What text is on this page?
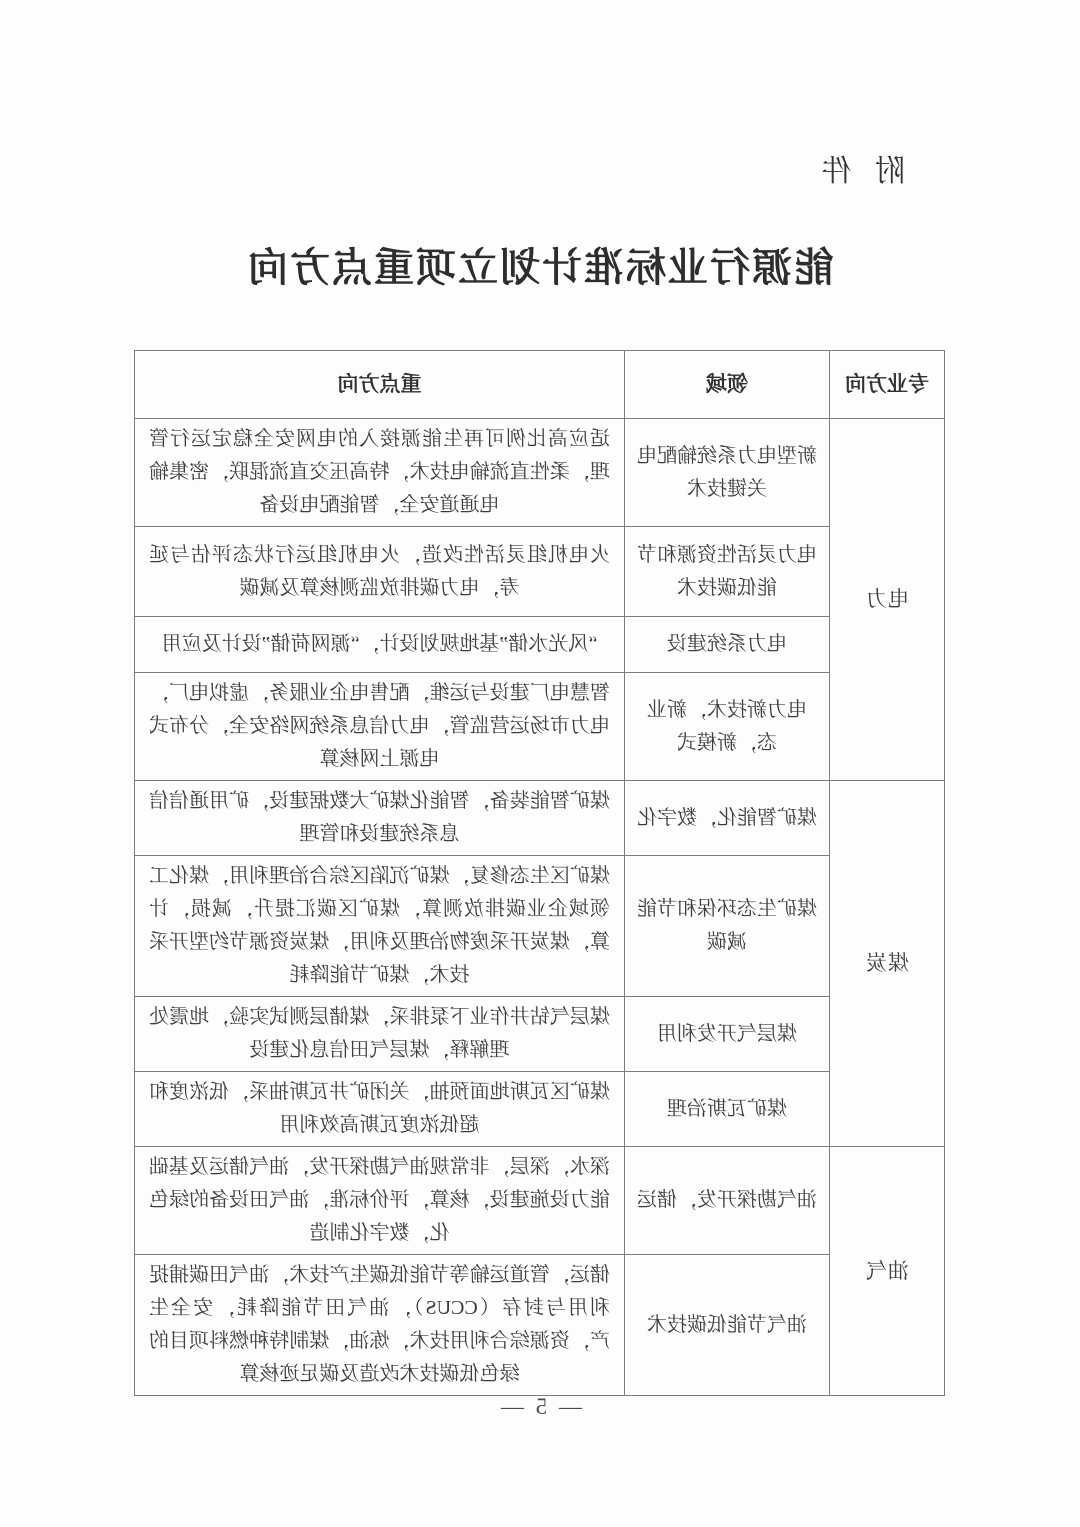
附 件
能源行业标准计划立项重点方向
专业方向	领域	重点方向
电力	新型电力系统输配电关键技术	适应高比例可再生能源接入的电网安全稳定运行管理，柔性直流输电技术，特高压交直流混联，密集输电通道安全，智能配电设备
	电力灵活性资源和节能低碳技术	火电机组灵活性改造，火电机组运行状态评估与延寿，电力碳排放监测核算及减碳
	电力系统建设	“风光水储”基地规划设计，“源网荷储”设计及应用
	电力新技术，新业态，新模式	智慧电厂建设与运维，配售电企业服务，虚拟电厂，电力市场运营监管，电力信息系统网络安全，分布式电源上网核算
煤炭	煤矿智能化，数字化	煤矿智能装备，智能化煤矿大数据建设，矿用通信信息系统建设和管理
	煤矿生态环保和节能减碳	煤矿区生态修复，煤矿沉陷区综合治理利用，煤化工领域企业碳排放测算，煤矿区碳汇提升，减损，计算，煤炭开采废物治理及利用，煤炭资源节约型开采技术，煤矿节能降耗
	煤层气开发利用	煤层气钻井作业下泵排采，煤储层测试实验，地震处理解释，煤层气田信息化建设
	煤矿瓦斯治理	煤矿区瓦斯地面预抽，关闭矿井瓦斯抽采，低浓度和超低浓度瓦斯高效利用
油气	油气勘探开发，储运	深水，深层，非常规油气勘探开发，油气储运及基础能力设施建设，核算，评价标准，油气田设备的绿色化，数字化制造
	油气节能低碳技术	储运，管道运输等节能低碳生产技术，油气田碳捕捉利用与封存（CCUS），油气田节能降耗，安全生产，资源综合利用技术，炼油，煤制特种燃料项目的绿色低碳技术改造及碳足迹核算
— 5 —
